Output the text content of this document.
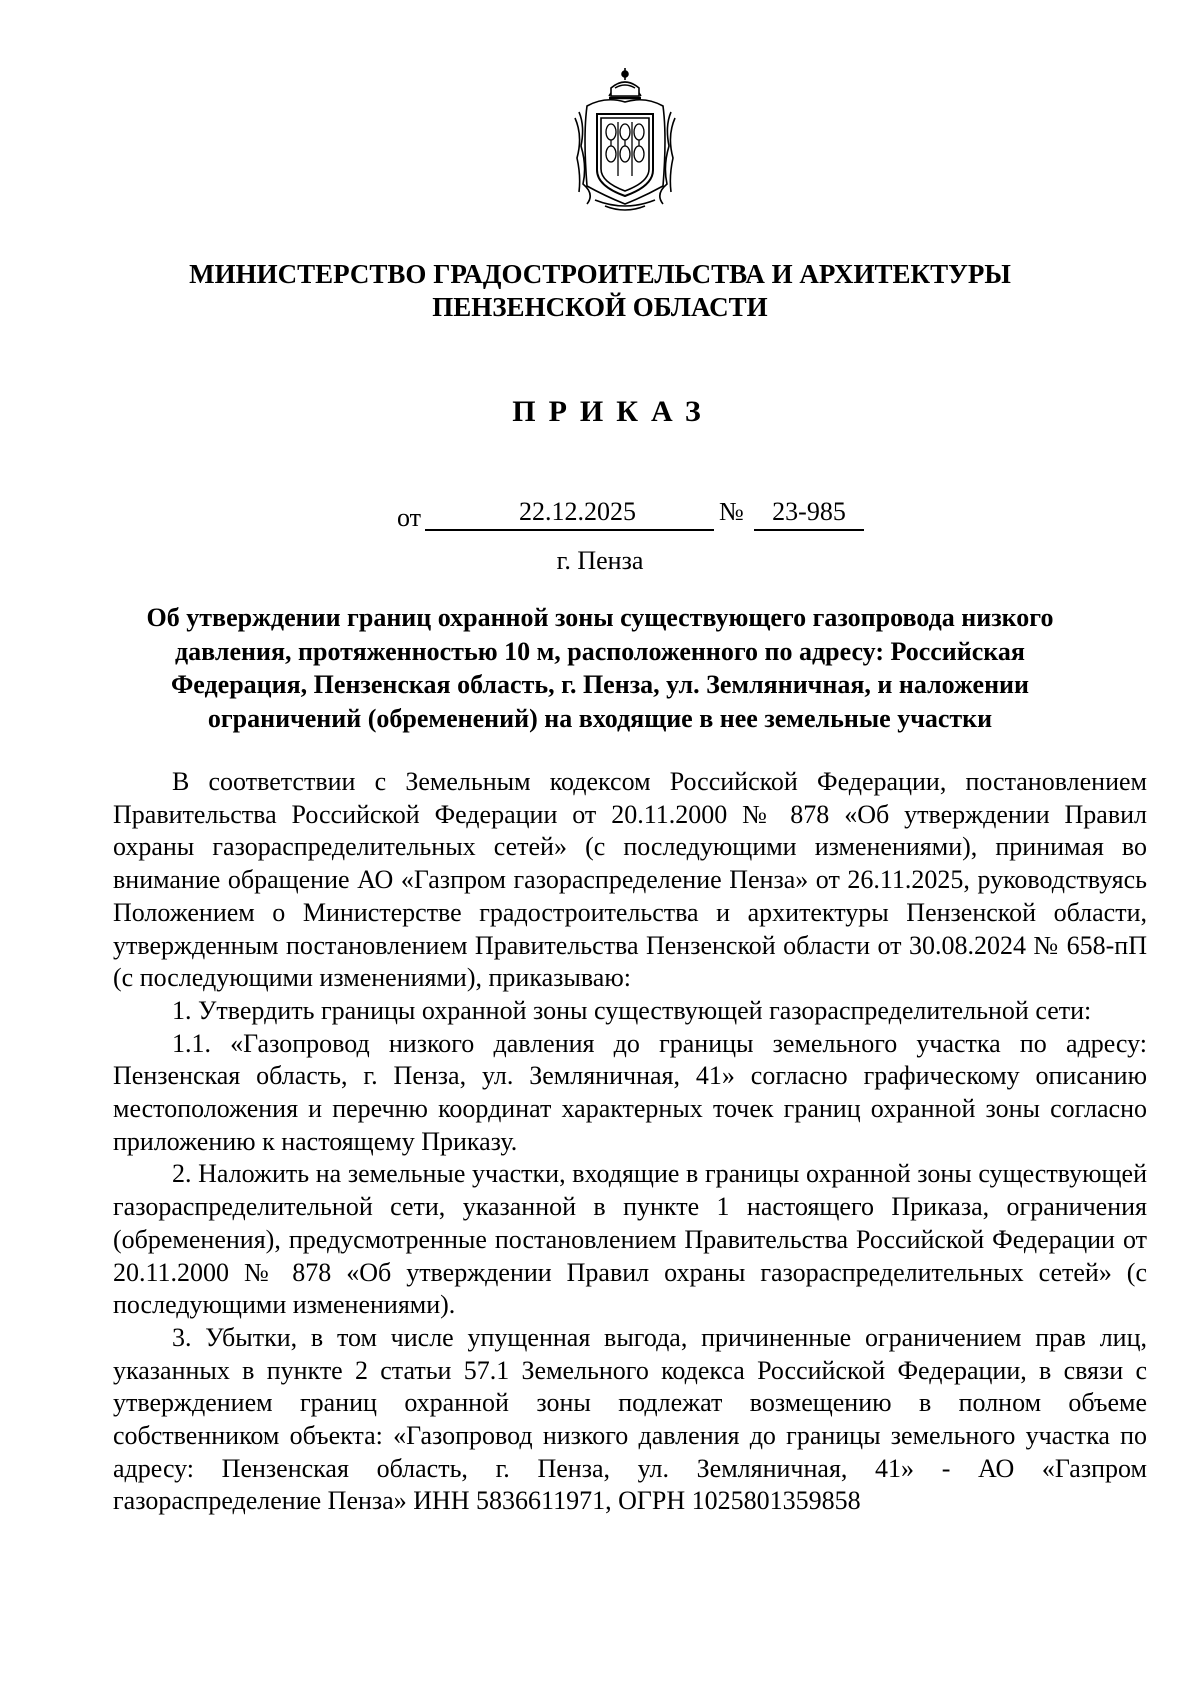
МИНИСТЕРСТВО ГРАДОСТРОИТЕЛЬСТВА И АРХИТЕКТУРЫ
ПЕНЗЕНСКОЙ ОБЛАСТИ
ПРИКАЗ
от	22.12.2025	№	23-985
г. Пенза
Об утверждении границ охранной зоны существующего газопровода низкого
давления, протяженностью 10 м, расположенного по адресу: Российская
Федерация, Пензенская область, г. Пенза, ул. Земляничная, и наложении
ограничений (обременений) на входящие в нее земельные участки

В соответствии с Земельным кодексом Российской Федерации, постановлением Правительства Российской Федерации от 20.11.2000 № 878 «Об утверждении Правил охраны газораспределительных сетей» (с последующими изменениями), принимая во внимание обращение АО «Газпром газораспределение Пенза» от 26.11.2025, руководствуясь Положением о Министерстве градостроительства и архитектуры Пензенской области, утвержденным постановлением Правительства Пензенской области от 30.08.2024 № 658-пП (с последующими изменениями), приказываю:

1. Утвердить границы охранной зоны существующей газораспределительной сети:

1.1. «Газопровод низкого давления до границы земельного участка по адресу: Пензенская область, г. Пенза, ул. Земляничная, 41» согласно графическому описанию местоположения и перечню координат характерных точек границ охранной зоны согласно приложению к настоящему Приказу.

2. Наложить на земельные участки, входящие в границы охранной зоны существующей газораспределительной сети, указанной в пункте 1 настоящего Приказа, ограничения (обременения), предусмотренные постановлением Правительства Российской Федерации от 20.11.2000 № 878 «Об утверждении Правил охраны газораспределительных сетей» (с последующими изменениями).

3. Убытки, в том числе упущенная выгода, причиненные ограничением прав лиц, указанных в пункте 2 статьи 57.1 Земельного кодекса Российской Федерации, в связи с утверждением границ охранной зоны подлежат возмещению в полном объеме собственником объекта: «Газопровод низкого давления до границы земельного участка по адресу: Пензенская область, г. Пенза, ул. Земляничная, 41» - АО «Газпром газораспределение Пенза» ИНН 5836611971, ОГРН 1025801359858
